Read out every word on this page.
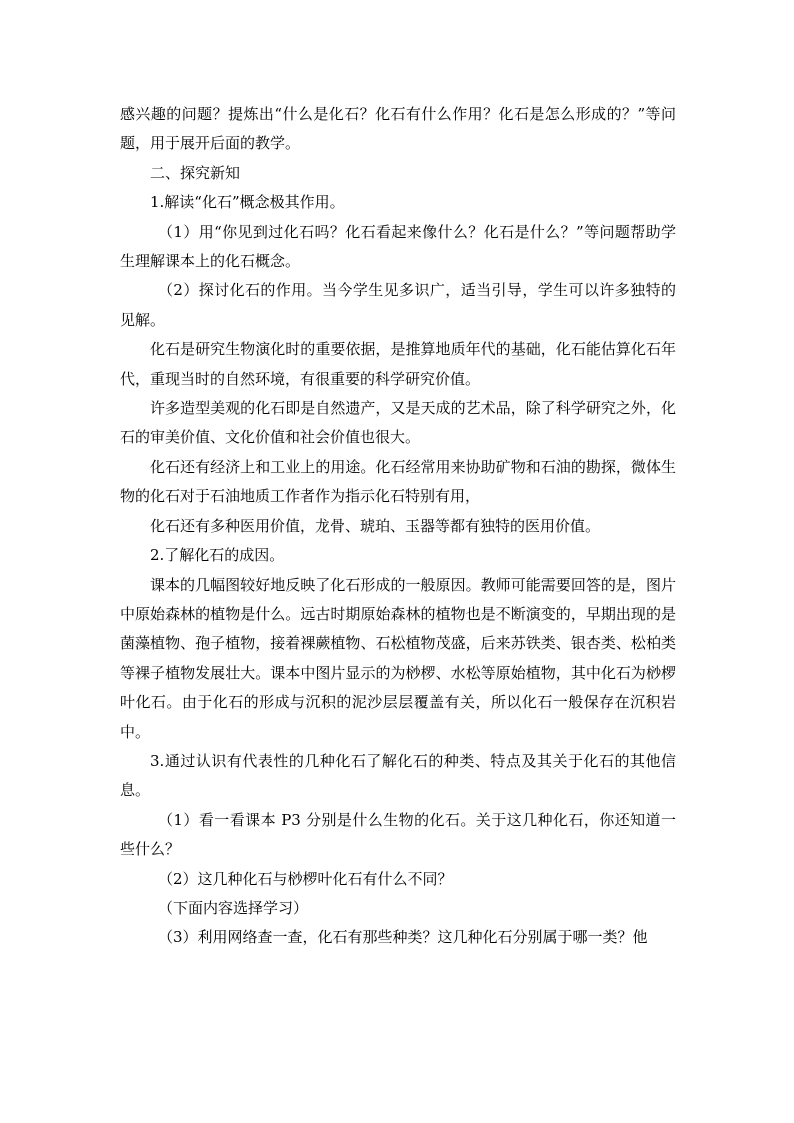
感兴趣的问题？提炼出“什么是化石？化石有什么作用？化石是怎么形成的？”等问题，用于展开后面的教学。

二、探究新知

1.解读“化石”概念极其作用。

（1）用“你见到过化石吗？化石看起来像什么？化石是什么？”等问题帮助学生理解课本上的化石概念。

（2）探讨化石的作用。当今学生见多识广，适当引导，学生可以许多独特的见解。

化石是研究生物演化时的重要依据，是推算地质年代的基础，化石能估算化石年代，重现当时的自然环境，有很重要的科学研究价值。

许多造型美观的化石即是自然遗产，又是天成的艺术品，除了科学研究之外，化石的审美价值、文化价值和社会价值也很大。

化石还有经济上和工业上的用途。化石经常用来协助矿物和石油的勘探，微体生物的化石对于石油地质工作者作为指示化石特别有用，

化石还有多种医用价值，龙骨、琥珀、玉器等都有独特的医用价值。

2.了解化石的成因。

课本的几幅图较好地反映了化石形成的一般原因。教师可能需要回答的是，图片中原始森林的植物是什么。远古时期原始森林的植物也是不断演变的，早期出现的是菌藻植物、孢子植物，接着裸蕨植物、石松植物茂盛，后来苏铁类、银杏类、松柏类等裸子植物发展壮大。课本中图片显示的为桫椤、水松等原始植物，其中化石为桫椤叶化石。由于化石的形成与沉积的泥沙层层覆盖有关，所以化石一般保存在沉积岩中。

3.通过认识有代表性的几种化石了解化石的种类、特点及其关于化石的其他信息。

（1）看一看课本 P3 分别是什么生物的化石。关于这几种化石，你还知道一些什么？

（2）这几种化石与桫椤叶化石有什么不同？

（下面内容选择学习）

（3）利用网络查一查，化石有那些种类？这几种化石分别属于哪一类？他
